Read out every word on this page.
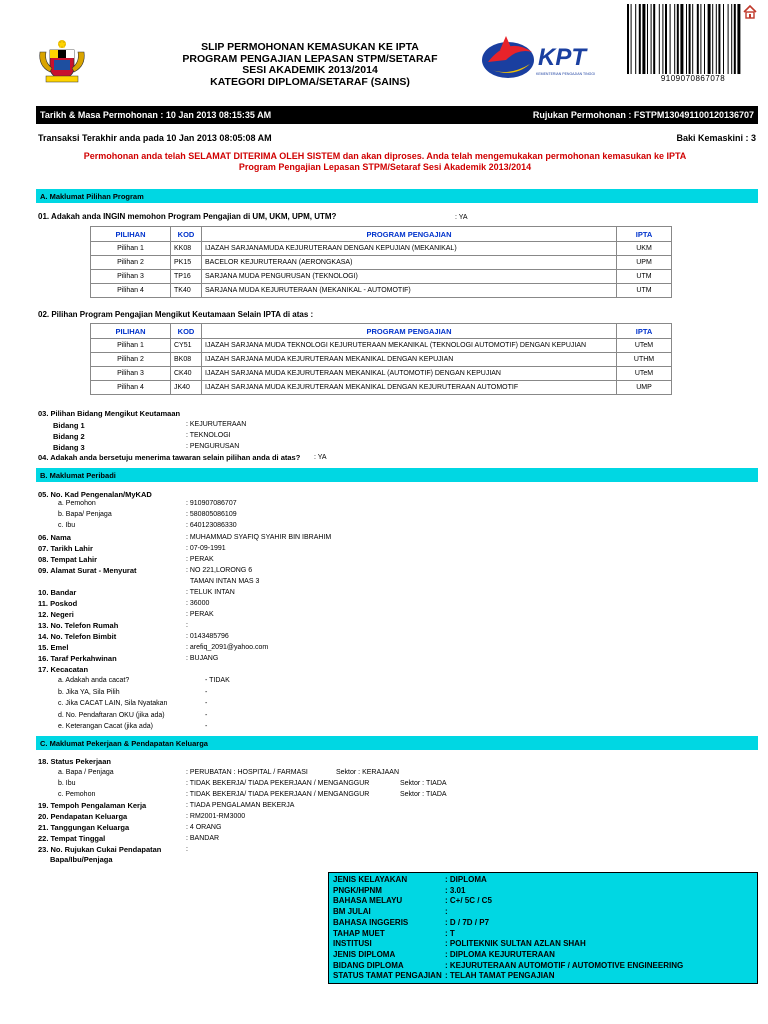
SLIP PERMOHONAN KEMASUKAN KE IPTA
PROGRAM PENGAJIAN LEPASAN STPM/SETARAF
SESI AKADEMIK 2013/2014
KATEGORI DIPLOMA/SETARAF (SAINS)
KPT
KEMENTERIAN PENGAJIAN TINGGI	9109070867078
Tarikh & Masa Permohonan : 10 Jan 2013 08:15:35 AM	Rujukan Permohonan : FSTPM130491100120136707
Transaksi Terakhir anda pada 10 Jan 2013 08:05:08 AM	Baki Kemaskini : 3
Permohonan anda telah SELAMAT DITERIMA OLEH SISTEM dan akan diproses. Anda telah mengemukakan permohonan kemasukan ke IPTA
Program Pengajian Lepasan STPM/Setaraf Sesi Akademik 2013/2014
A. Maklumat Pilihan Program
01. Adakah anda INGIN memohon Program Pengajian di UM, UKM, UPM, UTM?	: YA
PILIHAN	KOD	PROGRAM PENGAJIAN	IPTA
Pilihan 1	KK08	IJAZAH SARJANAMUDA KEJURUTERAAN DENGAN KEPUJIAN (MEKANIKAL)	UKM
Pilihan 2	PK15	BACELOR KEJURUTERAAN (AERONGKASA)	UPM
Pilihan 3	TP16	SARJANA MUDA PENGURUSAN (TEKNOLOGI)	UTM
Pilihan 4	TK40	SARJANA MUDA KEJURUTERAAN (MEKANIKAL - AUTOMOTIF)	UTM
02. Pilihan Program Pengajian Mengikut Keutamaan Selain IPTA di atas :
PILIHAN	KOD	PROGRAM PENGAJIAN	IPTA
Pilihan 1	CY51	IJAZAH SARJANA MUDA TEKNOLOGI KEJURUTERAAN MEKANIKAL (TEKNOLOGI AUTOMOTIF) DENGAN KEPUJIAN	UTeM
Pilihan 2	BK08	IJAZAH SARJANA MUDA KEJURUTERAAN MEKANIKAL DENGAN KEPUJIAN	UTHM
Pilihan 3	CK40	IJAZAH SARJANA MUDA KEJURUTERAAN MEKANIKAL (AUTOMOTIF) DENGAN KEPUJIAN	UTeM
Pilihan 4	JK40	IJAZAH SARJANA MUDA KEJURUTERAAN MEKANIKAL DENGAN KEJURUTERAAN AUTOMOTIF	UMP
03. Pilihan Bidang Mengikut Keutamaan
Bidang 1	: KEJURUTERAAN
Bidang 2	: TEKNOLOGI
Bidang 3	: PENGURUSAN
04. Adakah anda bersetuju menerima tawaran selain pilihan anda di atas? : YA
B. Maklumat Peribadi
05. No. Kad Pengenalan/MyKAD
a. Pemohon	: 910907086707
b. Bapa/ Penjaga	: 580805086109
c. Ibu	: 640123086330
06. Nama	: MUHAMMAD SYAFIQ SYAHIR BIN IBRAHIM
07. Tarikh Lahir	: 07-09-1991
08. Tempat Lahir	: PERAK
09. Alamat Surat - Menyurat	: NO 221,LORONG 6
TAMAN INTAN MAS 3
10. Bandar	: TELUK INTAN
11. Poskod	: 36000
12. Negeri	: PERAK
13. No. Telefon Rumah	:
14. No. Telefon Bimbit	: 0143485796
15. Emel	: arefiq_2091@yahoo.com
16. Taraf Perkahwinan	: BUJANG
17. Kecacatan
a. Adakah anda cacat?	- TIDAK
b. Jika YA, Sila Pilih	-
c. Jika CACAT LAIN, Sila Nyatakan	-
d. No. Pendaftaran OKU (jika ada)	-
e. Keterangan Cacat (jika ada)	-
C. Maklumat Pekerjaan & Pendapatan Keluarga
18. Status Pekerjaan
a. Bapa / Penjaga	: PERUBATAN : HOSPITAL / FARMASI	Sektor : KERAJAAN
b. Ibu	: TIDAK BEKERJA/ TIADA PEKERJAAN / MENGANGGUR	Sektor : TIADA
c. Pemohon	: TIDAK BEKERJA/ TIADA PEKERJAAN / MENGANGGUR	Sektor : TIADA
19. Tempoh Pengalaman Kerja	: TIADA PENGALAMAN BEKERJA
20. Pendapatan Keluarga	: RM2001-RM3000
21. Tanggungan Keluarga	: 4 ORANG
22. Tempat Tinggal	: BANDAR
23. No. Rujukan Cukai Pendapatan	:
Bapa/Ibu/Penjaga
JENIS KELAYAKAN	: DIPLOMA
PNGK/HPNM	: 3.01
BAHASA MELAYU	: C+/ 5C / C5
BM JULAI	:
BAHASA INGGERIS	: D / 7D / P7
TAHAP MUET	: T
INSTITUSI	: POLITEKNIK SULTAN AZLAN SHAH
JENIS DIPLOMA	: DIPLOMA KEJURUTERAAN
BIDANG DIPLOMA	: KEJURUTERAAN AUTOMOTIF / AUTOMOTIVE ENGINEERING
STATUS TAMAT PENGAJIAN : TELAH TAMAT PENGAJIAN
